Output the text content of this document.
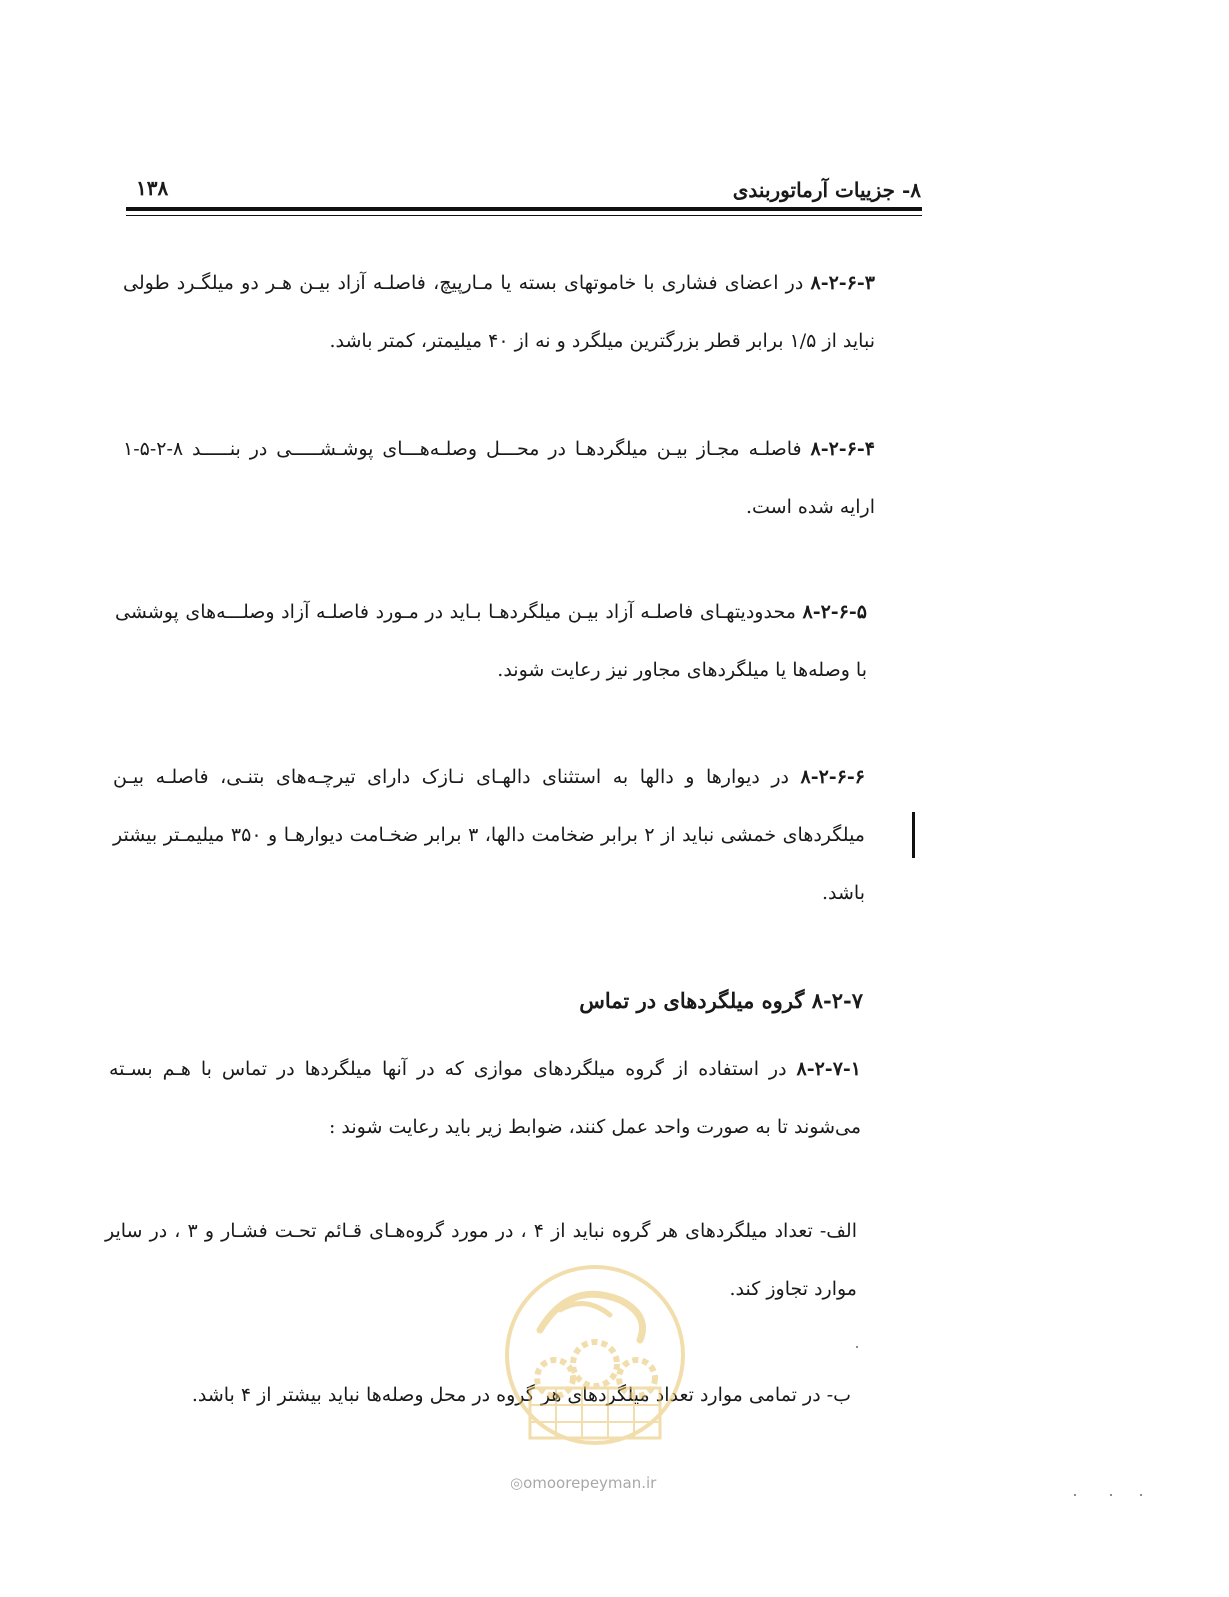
۸- جزییات آرماتوربندی
۱۳۸

۸-۲-۶-۳ در اعضای فشاری با خاموتهای بسته یا مـارپیچ، فاصلـه آزاد بیـن هـر دو میلگـرد طولی نباید از ۱/۵ برابر قطر بزرگترین میلگرد و نه از ۴۰ میلیمتر، کمتر باشد.

۸-۲-۶-۴ فاصلـه مجـاز بیـن میلگردهـا در محـــل وصلـه‌هـــای پوشـشـــــی در بنـــــد ۸-۲-۵-۱ ارایه شده است.

۸-۲-۶-۵ محدودیتهـای فاصلـه آزاد بیـن میلگردهـا بـاید در مـورد فاصلـه آزاد وصلـــه‌های پوششی با وصله‌ها یا میلگردهای مجاور نیز رعایت شوند.

۸-۲-۶-۶ در دیوارها و دالها به استثنای دالهـای نـازک دارای تیرچـه‌های بتنـی، فاصلـه بیـن میلگردهای خمشی نباید از ۲ برابر ضخامت دالها، ۳ برابر ضخـامت دیوارهـا و ۳۵۰ میلیمـتر بیشتر باشد.

۸-۲-۷ گروه میلگردهای در تماس

۸-۲-۷-۱ در استفاده از گروه میلگردهای موازی که در آنها میلگردها در تماس با هـم بسـته می‌شوند تا به صورت واحد عمل کنند، ضوابط زیر باید رعایت شوند :

الف- تعداد میلگردهای هر گروه نباید از ۴ ، در مورد گروه‌هـای قـائم تحـت فشـار و ۳ ، در سایر موارد تجاوز کند.

ب- در تمامی موارد تعداد میلگردهای هر گروه در محل وصله‌ها نباید بیشتر از ۴ باشد.

◎omoorepeyman.ir
